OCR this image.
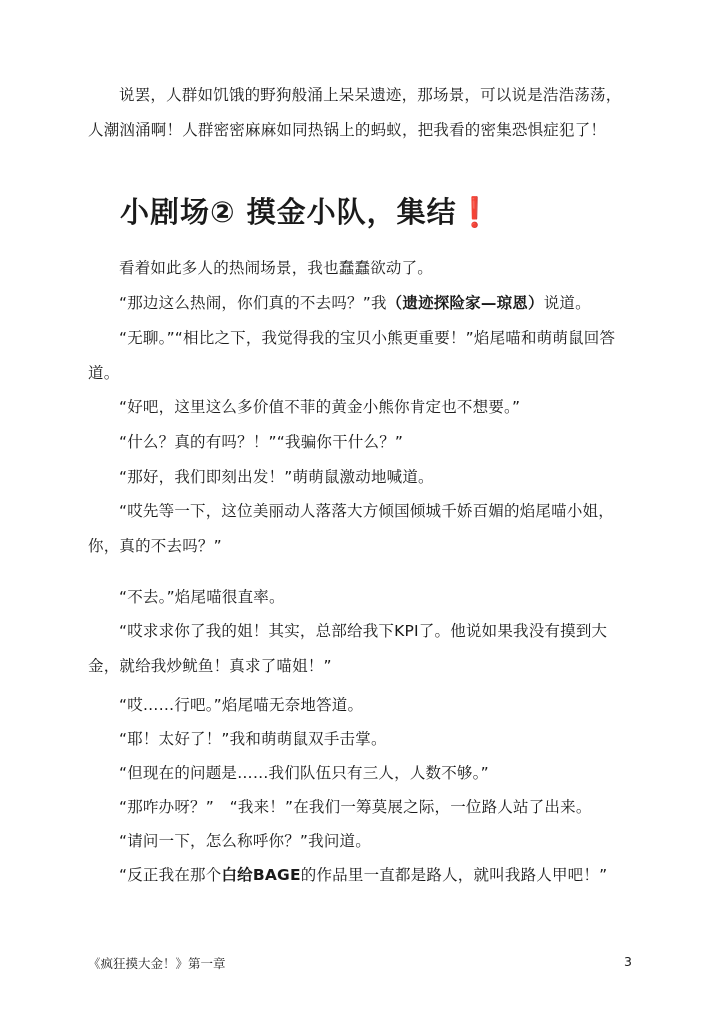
说罢，人群如饥饿的野狗般涌上呆呆遗迹，那场景，可以说是浩浩荡荡，人潮汹涌啊！人群密密麻麻如同热锅上的蚂蚁，把我看的密集恐惧症犯了！

小剧场② 摸金小队，集结❗

看着如此多人的热闹场景，我也蠢蠢欲动了。

“那边这么热闹，你们真的不去吗？”我（遗迹探险家—琼恩）说道。

“无聊。”“相比之下，我觉得我的宝贝小熊更重要！”焰尾喵和萌萌鼠回答道。

“好吧，这里这么多价值不菲的黄金小熊你肯定也不想要。”

“什么？真的有吗？！”“我骗你干什么？”

“那好，我们即刻出发！”萌萌鼠激动地喊道。

“哎先等一下，这位美丽动人落落大方倾国倾城千娇百媚的焰尾喵小姐，你，真的不去吗？”

“不去。”焰尾喵很直率。

“哎求求你了我的姐！其实，总部给我下KPI了。他说如果我没有摸到大金，就给我炒鱿鱼！真求了喵姐！”

“哎……行吧。”焰尾喵无奈地答道。

“耶！太好了！”我和萌萌鼠双手击掌。

“但现在的问题是……我们队伍只有三人，人数不够。”

“那咋办呀？”　“我来！”在我们一筹莫展之际，一位路人站了出来。

“请问一下，怎么称呼你？”我问道。

“反正我在那个白给BAGE的作品里一直都是路人，就叫我路人甲吧！”

《疯狂摸大金！》第一章	3
